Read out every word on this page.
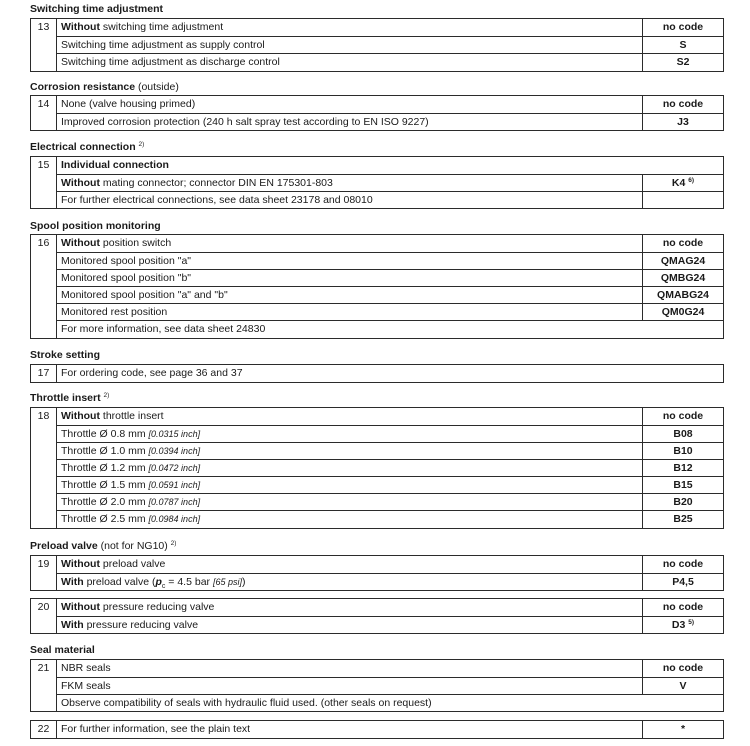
Switching time adjustment
13	Without switching time adjustment	no code
Switching time adjustment as supply control	S
Switching time adjustment as discharge control	S2
Corrosion resistance (outside)
14	None (valve housing primed)	no code
Improved corrosion protection (240 h salt spray test according to EN ISO 9227)	J3
Electrical connection $^{2)}$
15	Individual connection
Without mating connector; connector DIN EN 175301-803	K4 $^{6)}$
For further electrical connections, see data sheet 23178 and 08010
Spool position monitoring
16	Without position switch	no code
Monitored spool position "a"	QMAG24
Monitored spool position "b"	QMBG24
Monitored spool position "a" and "b"	QMABG24
Monitored rest position	QM0G24
For more information, see data sheet 24830
Stroke setting
17	For ordering code, see page 36 and 37
Throttle insert $^{2)}$
18	Without throttle insert	no code
Throttle Ø 0.8 mm [0.0315 inch]	B08
Throttle Ø 1.0 mm [0.0394 inch]	B10
Throttle Ø 1.2 mm [0.0472 inch]	B12
Throttle Ø 1.5 mm [0.0591 inch]	B15
Throttle Ø 2.0 mm [0.0787 inch]	B20
Throttle Ø 2.5 mm [0.0984 inch]	B25
Preload valve (not for NG10) $^{2)}$
19	Without preload valve	no code
With preload valve ($p_c = 4.5$ bar [65 psi])	P4,5
20	Without pressure reducing valve	no code
With pressure reducing valve	D3 $^{5)}$
Seal material
21	NBR seals	no code
FKM seals	V
Observe compatibility of seals with hydraulic fluid used. (other seals on request)
22	For further information, see the plain text	*
